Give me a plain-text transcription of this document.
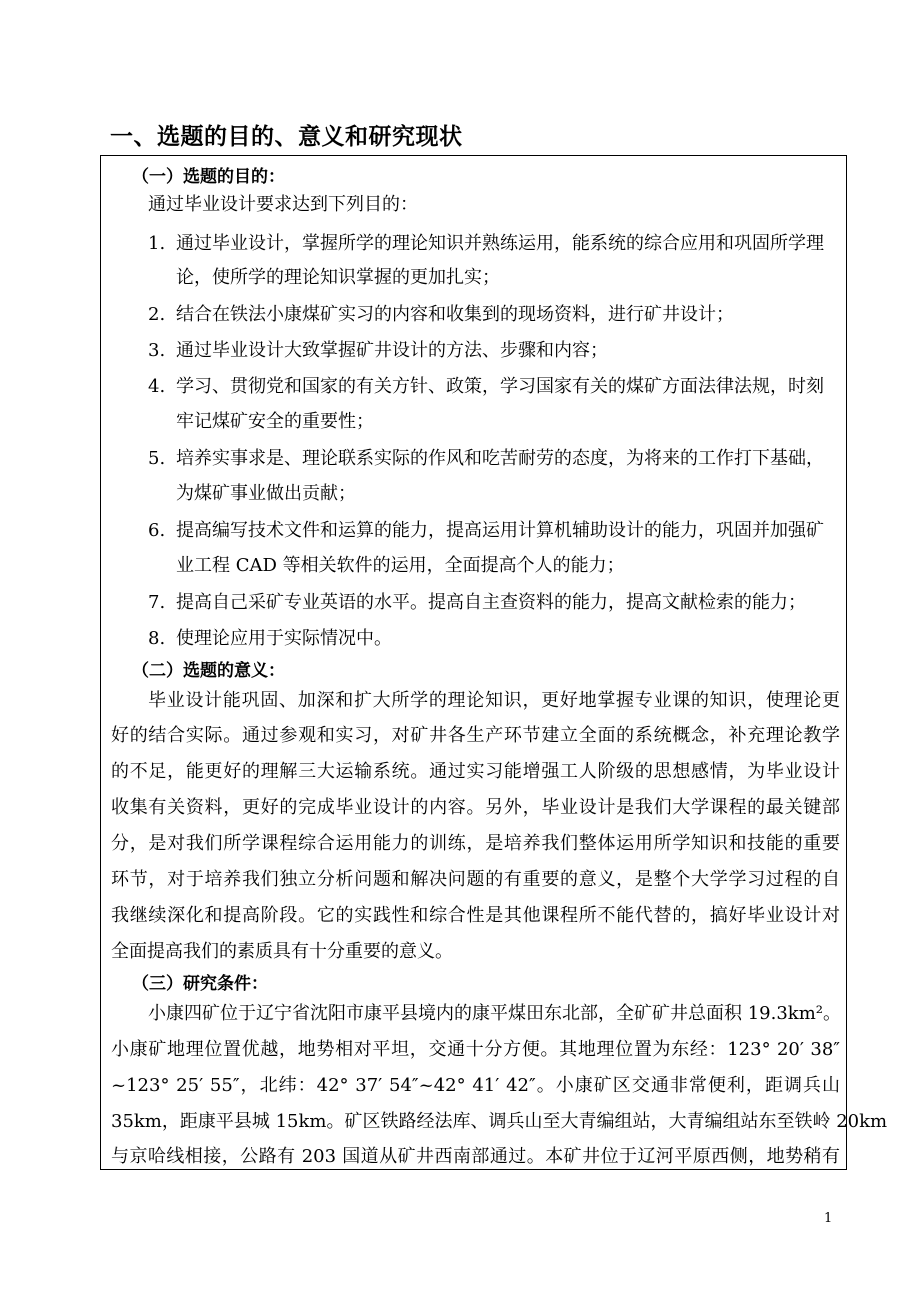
一、选题的目的、意义和研究现状
（一）选题的目的：
通过毕业设计要求达到下列目的：
1. 通过毕业设计，掌握所学的理论知识并熟练运用，能系统的综合应用和巩固所学理
论，使所学的理论知识掌握的更加扎实；
2. 结合在铁法小康煤矿实习的内容和收集到的现场资料，进行矿井设计；
3. 通过毕业设计大致掌握矿井设计的方法、步骤和内容；
4. 学习、贯彻党和国家的有关方针、政策，学习国家有关的煤矿方面法律法规，时刻
牢记煤矿安全的重要性；
5. 培养实事求是、理论联系实际的作风和吃苦耐劳的态度，为将来的工作打下基础，
为煤矿事业做出贡献；
6. 提高编写技术文件和运算的能力，提高运用计算机辅助设计的能力，巩固并加强矿
业工程 CAD 等相关软件的运用，全面提高个人的能力；
7. 提高自己采矿专业英语的水平。提高自主查资料的能力，提高文献检索的能力；
8. 使理论应用于实际情况中。
（二）选题的意义：
毕业设计能巩固、加深和扩大所学的理论知识，更好地掌握专业课的知识，使理论更
好的结合实际。通过参观和实习，对矿井各生产环节建立全面的系统概念，补充理论教学
的不足，能更好的理解三大运输系统。通过实习能增强工人阶级的思想感情，为毕业设计
收集有关资料，更好的完成毕业设计的内容。另外，毕业设计是我们大学课程的最关键部
分，是对我们所学课程综合运用能力的训练，是培养我们整体运用所学知识和技能的重要
环节，对于培养我们独立分析问题和解决问题的有重要的意义，是整个大学学习过程的自
我继续深化和提高阶段。它的实践性和综合性是其他课程所不能代替的，搞好毕业设计对
全面提高我们的素质具有十分重要的意义。
（三）研究条件：
小康四矿位于辽宁省沈阳市康平县境内的康平煤田东北部，全矿矿井总面积 19.3km²。
小康矿地理位置优越，地势相对平坦，交通十分方便。其地理位置为东经：123° 20′ 38″
~123° 25′ 55″，北纬：42° 37′ 54″~42° 41′ 42″。小康矿区交通非常便利，距调兵山
35km，距康平县城 15km。矿区铁路经法库、调兵山至大青编组站，大青编组站东至铁岭 20km
与京哈线相接，公路有 203 国道从矿井西南部通过。本矿井位于辽河平原西侧，地势稍有
1
